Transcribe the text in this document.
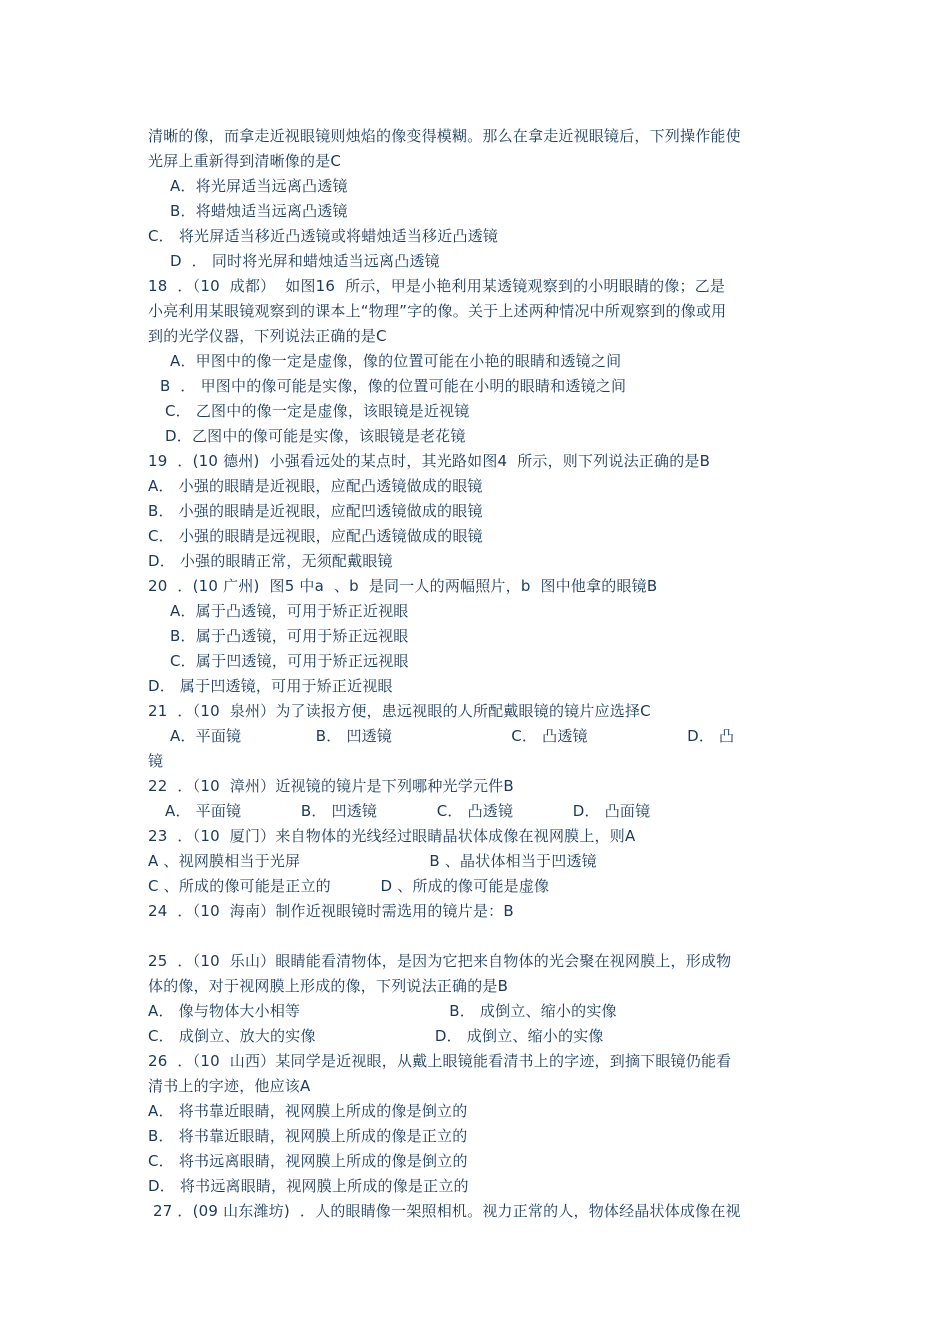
清晰的像，而拿走近视眼镜则烛焰的像变得模糊。那么在拿走近视眼镜后，下列操作能使
光屏上重新得到清晰像的是C
A．将光屏适当远离凸透镜
B．将蜡烛适当远离凸透镜
C． 将光屏适当移近凸透镜或将蜡烛适当移近凸透镜
D  ． 同时将光屏和蜡烛适当远离凸透镜
18  ．（10  成都）  如图16  所示，甲是小艳利用某透镜观察到的小明眼睛的像；乙是
小亮利用某眼镜观察到的课本上“物理”字的像。关于上述两种情况中所观察到的像或用
到的光学仪器，下列说法正确的是C
A．甲图中的像一定是虚像，像的位置可能在小艳的眼睛和透镜之间
B  ． 甲图中的像可能是实像，像的位置可能在小明的眼睛和透镜之间
C． 乙图中的像一定是虚像，该眼镜是近视镜
D．乙图中的像可能是实像，该眼镜是老花镜
19  ．(10 德州)  小强看远处的某点时，其光路如图4  所示，则下列说法正确的是B
A． 小强的眼睛是近视眼，应配凸透镜做成的眼镜
B． 小强的眼睛是近视眼，应配凹透镜做成的眼镜
C． 小强的眼睛是远视眼，应配凸透镜做成的眼镜
D． 小强的眼睛正常，无须配戴眼镜
20  ．(10 广州)  图5 中a  、b  是同一人的两幅照片，b  图中他拿的眼镜B
A．属于凸透镜，可用于矫正近视眼
B．属于凸透镜，可用于矫正远视眼
C．属于凹透镜，可用于矫正远视眼
D． 属于凹透镜，可用于矫正近视眼
21  ．（10  泉州）为了读报方便，患远视眼的人所配戴眼镜的镜片应选择C
A．平面镜               B． 凹透镜                        C． 凸透镜                    D． 凸
镜
22  ．（10  漳州）近视镜的镜片是下列哪种光学元件B
A． 平面镜            B． 凹透镜            C． 凸透镜            D． 凸面镜
23  ．（10  厦门）来自物体的光线经过眼睛晶状体成像在视网膜上，则A
A 、视网膜相当于光屏                          B 、晶状体相当于凹透镜
C 、所成的像可能是正立的          D 、所成的像可能是虚像
24  ．（10  海南）制作近视眼镜时需选用的镜片是：B
25  ．（10  乐山）眼睛能看清物体，是因为它把来自物体的光会聚在视网膜上，形成物
体的像，对于视网膜上形成的像，下列说法正确的是B
A． 像与物体大小相等                              B． 成倒立、缩小的实像
C． 成倒立、放大的实像                        D． 成倒立、缩小的实像
26  ．（10  山西）某同学是近视眼，从戴上眼镜能看清书上的字迹，到摘下眼镜仍能看
清书上的字迹，他应该A
A． 将书靠近眼睛，视网膜上所成的像是倒立的
B． 将书靠近眼睛，视网膜上所成的像是正立的
C． 将书远离眼睛，视网膜上所成的像是倒立的
D． 将书远离眼睛，视网膜上所成的像是正立的
27 ．(09 山东潍坊)  ．人的眼睛像一架照相机。视力正常的人，物体经晶状体成像在视
